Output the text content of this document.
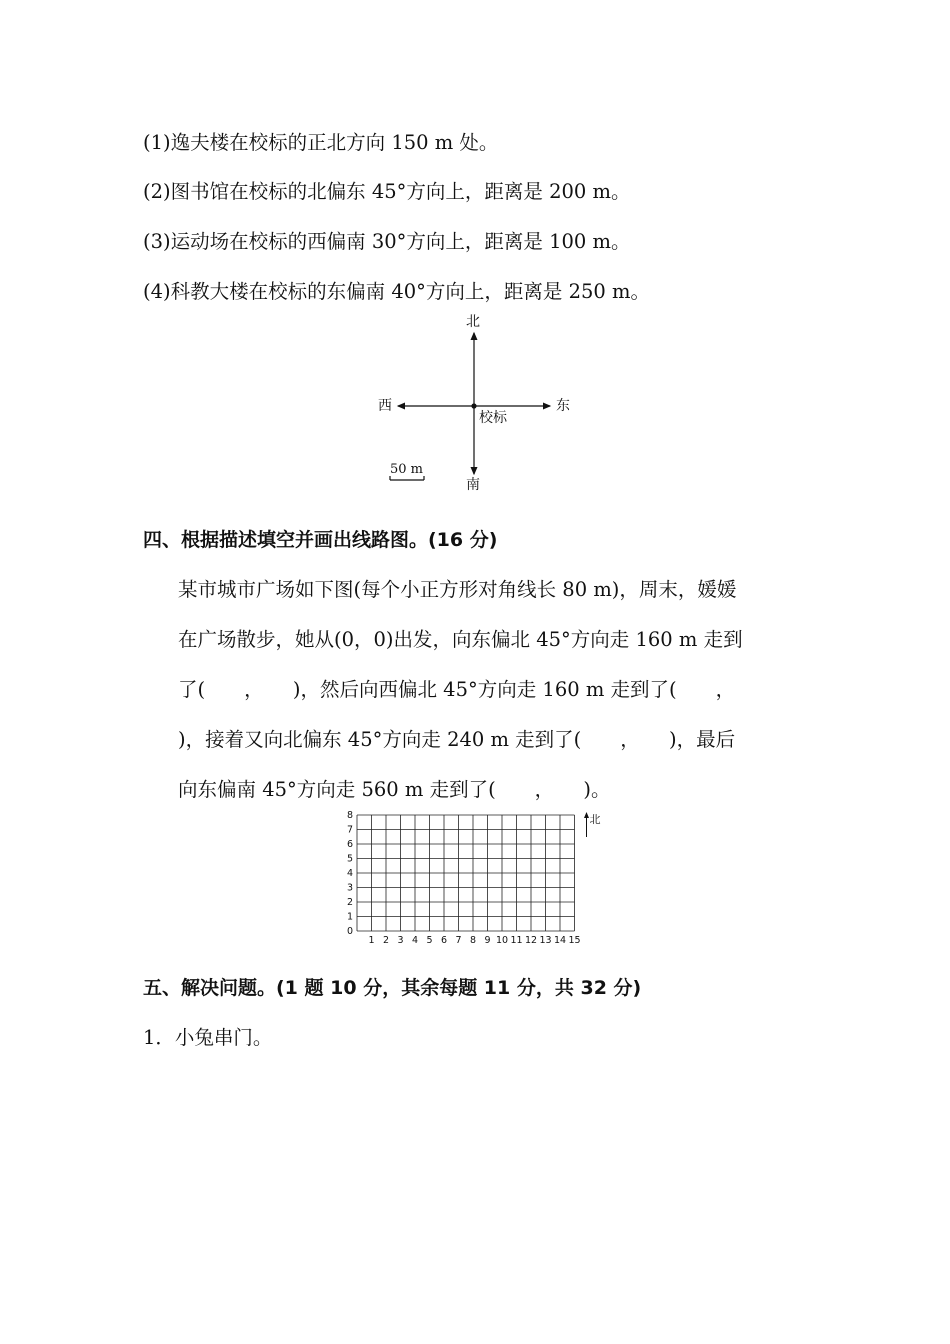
(1)逸夫楼在校标的正北方向 150 m 处。
(2)图书馆在校标的北偏东 45°方向上，距离是 200 m。
(3)运动场在校标的西偏南 30°方向上，距离是 100 m。
(4)科教大楼在校标的东偏南 40°方向上，距离是 250 m。
北
南
东
西
校标
50 m
四、根据描述填空并画出线路图。(16 分)
某市城市广场如下图(每个小正方形对角线长 80 m)，周末，媛媛
在广场散步，她从(0，0)出发，向东偏北 45°方向走 160 m 走到
了(　　，　　)，然后向西偏北 45°方向走 160 m 走到了(　　，
)，接着又向北偏东 45°方向走 240 m 走到了(　　，　　)，最后
向东偏南 45°方向走 560 m 走到了(　　，　　)。
1 2 3 4 5 6 7 8 9 10 11 12 13 14 15
0
1
2
3
4
5
6
7
8	北
五、解决问题。(1 题 10 分，其余每题 11 分，共 32 分)
1．小兔串门。
